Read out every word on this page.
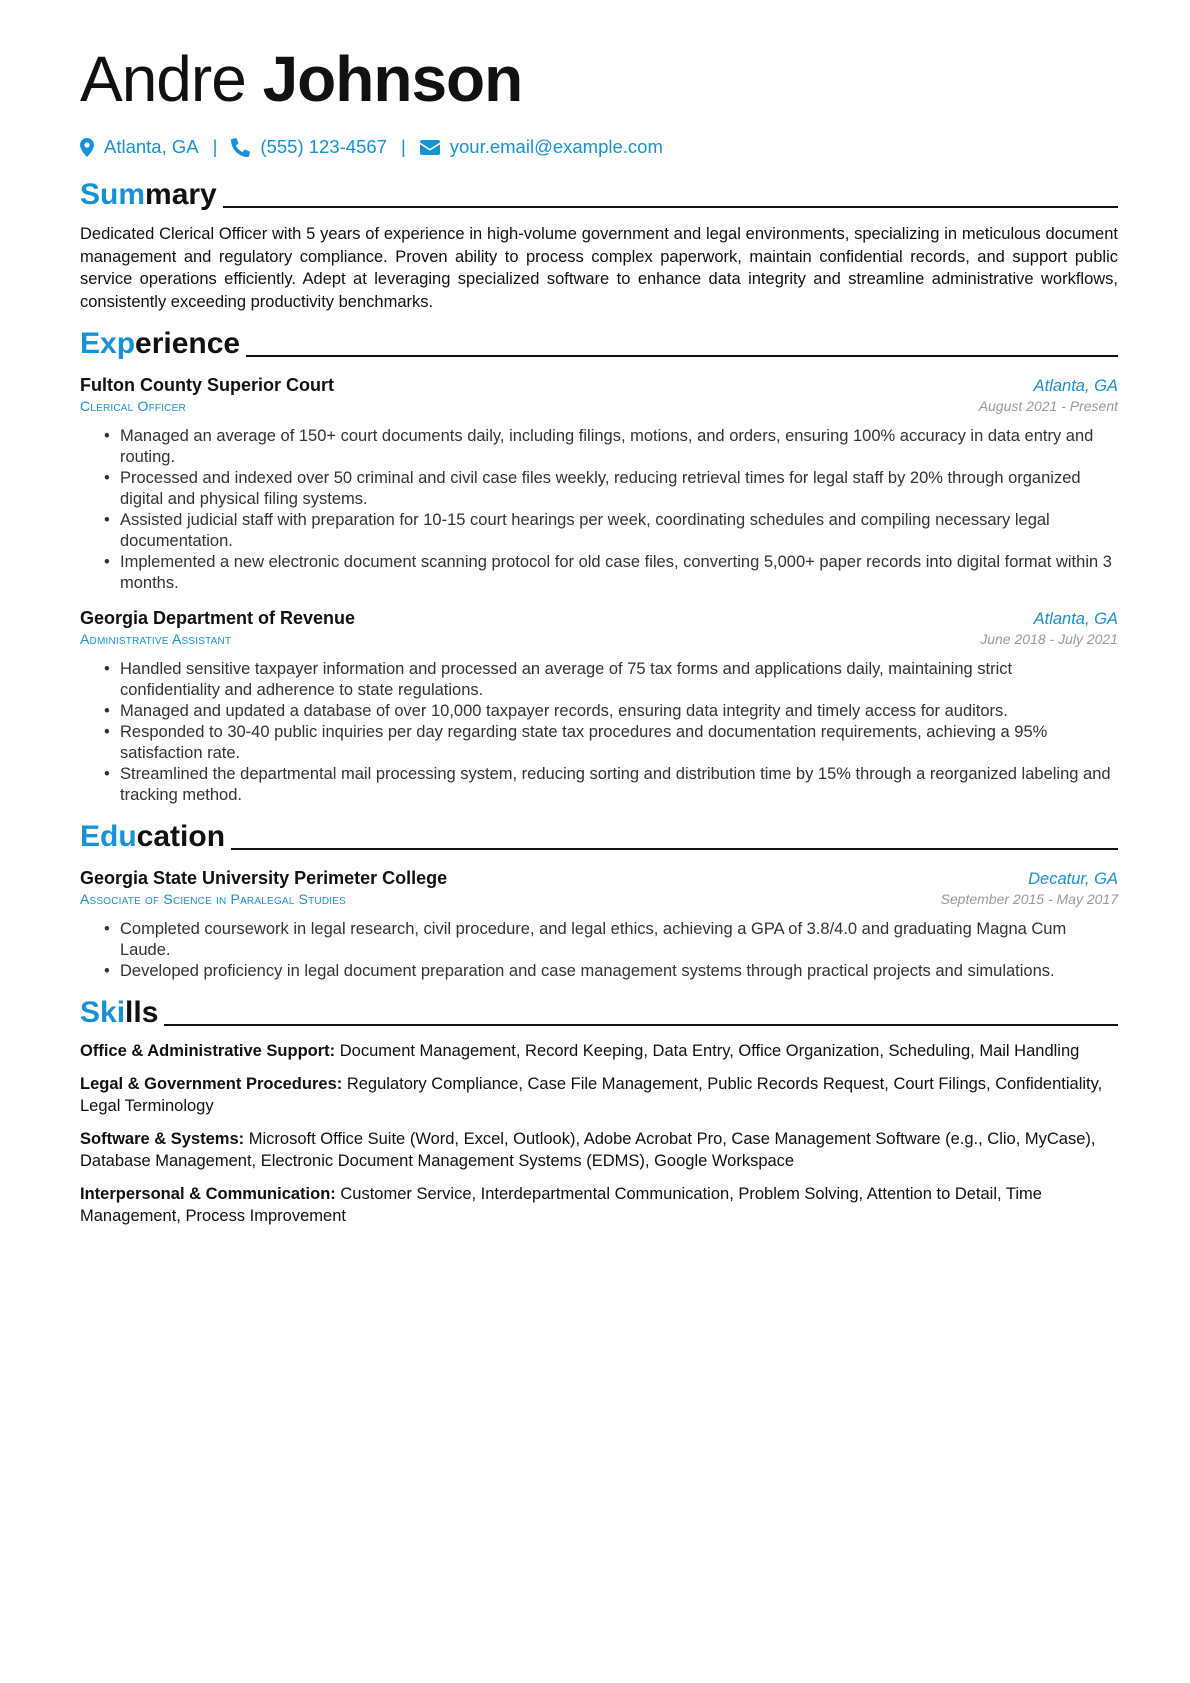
Andre Johnson
Atlanta, GA | (555) 123-4567 | your.email@example.com
Summary
Dedicated Clerical Officer with 5 years of experience in high-volume government and legal environments, specializing in meticulous document management and regulatory compliance. Proven ability to process complex paperwork, maintain confidential records, and support public service operations efficiently. Adept at leveraging specialized software to enhance data integrity and streamline administrative workflows, consistently exceeding productivity benchmarks.
Experience
Fulton County Superior Court	Atlanta, GA
Clerical Officer	August 2021 - Present
• Managed an average of 150+ court documents daily, including filings, motions, and orders, ensuring 100% accuracy in data entry and routing.
• Processed and indexed over 50 criminal and civil case files weekly, reducing retrieval times for legal staff by 20% through organized digital and physical filing systems.
• Assisted judicial staff with preparation for 10-15 court hearings per week, coordinating schedules and compiling necessary legal documentation.
• Implemented a new electronic document scanning protocol for old case files, converting 5,000+ paper records into digital format within 3 months.
Georgia Department of Revenue	Atlanta, GA
Administrative Assistant	June 2018 - July 2021
• Handled sensitive taxpayer information and processed an average of 75 tax forms and applications daily, maintaining strict confidentiality and adherence to state regulations.
• Managed and updated a database of over 10,000 taxpayer records, ensuring data integrity and timely access for auditors.
• Responded to 30-40 public inquiries per day regarding state tax procedures and documentation requirements, achieving a 95% satisfaction rate.
• Streamlined the departmental mail processing system, reducing sorting and distribution time by 15% through a reorganized labeling and tracking method.
Education
Georgia State University Perimeter College	Decatur, GA
Associate of Science in Paralegal Studies	September 2015 - May 2017
• Completed coursework in legal research, civil procedure, and legal ethics, achieving a GPA of 3.8/4.0 and graduating Magna Cum Laude.
• Developed proficiency in legal document preparation and case management systems through practical projects and simulations.
Skills
Office & Administrative Support: Document Management, Record Keeping, Data Entry, Office Organization, Scheduling, Mail Handling
Legal & Government Procedures: Regulatory Compliance, Case File Management, Public Records Request, Court Filings, Confidentiality, Legal Terminology
Software & Systems: Microsoft Office Suite (Word, Excel, Outlook), Adobe Acrobat Pro, Case Management Software (e.g., Clio, MyCase), Database Management, Electronic Document Management Systems (EDMS), Google Workspace
Interpersonal & Communication: Customer Service, Interdepartmental Communication, Problem Solving, Attention to Detail, Time Management, Process Improvement
